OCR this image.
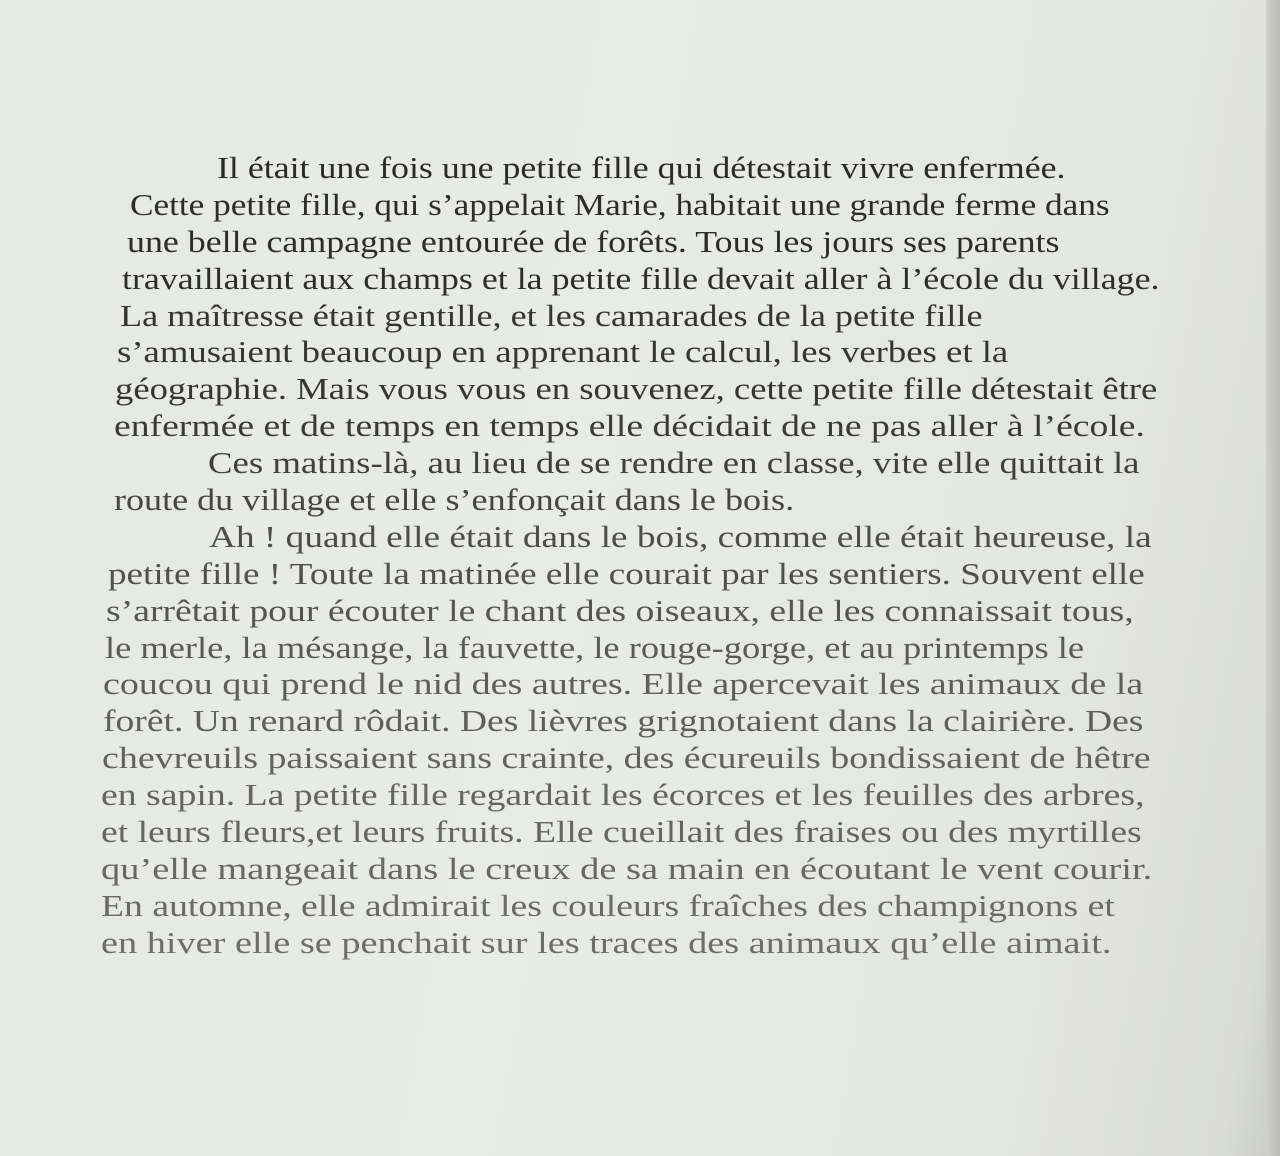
Il était une fois une petite fille qui détestait vivre enfermée.
Cette petite fille, qui s’appelait Marie, habitait une grande ferme dans
une belle campagne entourée de forêts. Tous les jours ses parents
travaillaient aux champs et la petite fille devait aller à l’école du village.
La maîtresse était gentille, et les camarades de la petite fille
s’amusaient beaucoup en apprenant le calcul, les verbes et la
géographie. Mais vous vous en souvenez, cette petite fille détestait être
enfermée et de temps en temps elle décidait de ne pas aller à l’école.
Ces matins-là, au lieu de se rendre en classe, vite elle quittait la
route du village et elle s’enfonçait dans le bois.
Ah ! quand elle était dans le bois, comme elle était heureuse, la
petite fille ! Toute la matinée elle courait par les sentiers. Souvent elle
s’arrêtait pour écouter le chant des oiseaux, elle les connaissait tous,
le merle, la mésange, la fauvette, le rouge-gorge, et au printemps le
coucou qui prend le nid des autres. Elle apercevait les animaux de la
forêt. Un renard rôdait. Des lièvres grignotaient dans la clairière. Des
chevreuils paissaient sans crainte, des écureuils bondissaient de hêtre
en sapin. La petite fille regardait les écorces et les feuilles des arbres,
et leurs fleurs,et leurs fruits. Elle cueillait des fraises ou des myrtilles
qu’elle mangeait dans le creux de sa main en écoutant le vent courir.
En automne, elle admirait les couleurs fraîches des champignons et
en hiver elle se penchait sur les traces des animaux qu’elle aimait.
